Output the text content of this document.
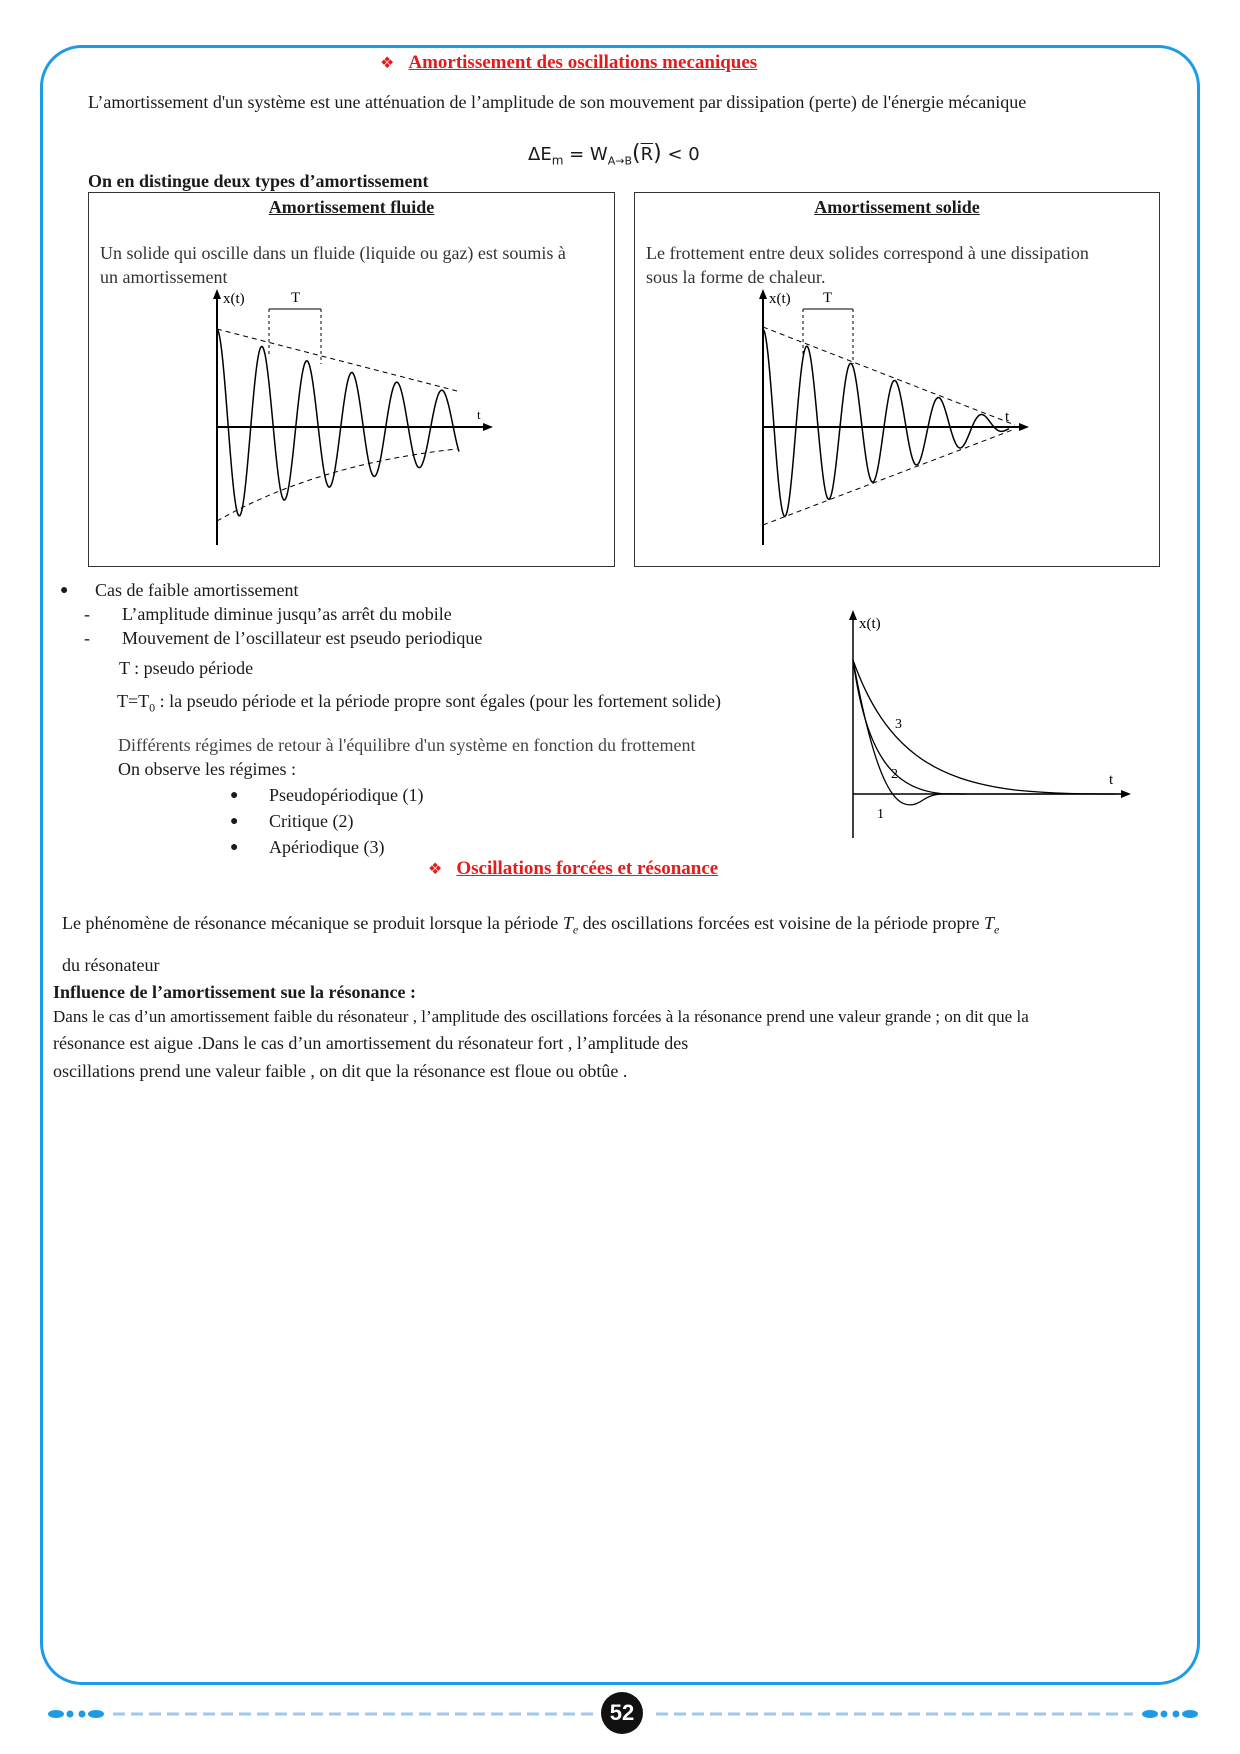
❖ Amortissement des oscillations mecaniques
L’amortissement d'un système est une atténuation de l’amplitude de son mouvement par dissipation (perte) de l'énergie mécanique
$\Delta E_m = W_{A\to B}(\overline{R}) < 0$
On en distingue deux types d’amortissement
Amortissement fluide
Un solide qui oscille dans un fluide (liquide ou gaz) est soumis à un amortissement
x(t)
t
T
Amortissement solide
Le frottement entre deux solides correspond à une dissipation sous la forme de chaleur.
x(t)
t
T
● Cas de faible amortissement
- L’amplitude diminue jusqu’as arrêt du mobile
- Mouvement de l’oscillateur est pseudo periodique
T : pseudo période
$T=T_0$ : la pseudo période et la période propre sont égales (pour les fortement solide)
Différents régimes de retour à l'équilibre d'un système en fonction du frottement
On observe les régimes :
● Pseudopériodique (1)
● Critique (2)
● Apériodique (3)
x(t)
t
1
2
3
❖ Oscillations forcées et résonance
Le phénomène de résonance mécanique se produit lorsque la période $T_e$ des oscillations forcées est voisine de la période propre $T_e$
du résonateur
Influence de l’amortissement sue la résonance :
Dans le cas d’un amortissement faible du résonateur , l’amplitude des oscillations forcées à la résonance prend une valeur grande ; on dit que la
résonance est aigue .Dans le cas d’un amortissement du résonateur fort , l’amplitude des
oscillations prend une valeur faible , on dit que la résonance est floue ou obtûe .
52
